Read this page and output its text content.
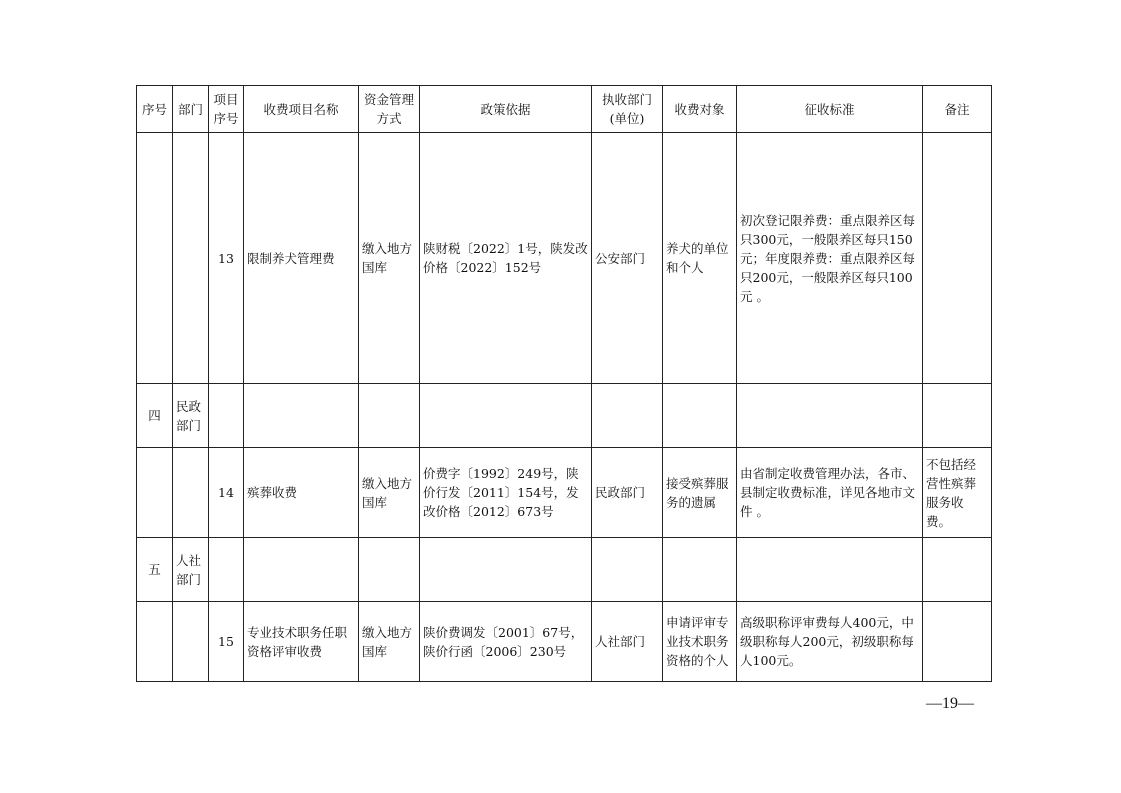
序号	部门	项目序号	收费项目名称	资金管理方式	政策依据	执收部门(单位)	收费对象	征收标准	备注
		13	限制养犬管理费	缴入地方国库	陕财税〔2022〕1号，陕发改价格〔2022〕152号	公安部门	养犬的单位和个人	初次登记限养费：重点限养区每只300元，一般限养区每只150元；年度限养费：重点限养区每只200元，一般限养区每只100元 。	
四	民政部门								
		14	殡葬收费	缴入地方国库	价费字〔1992〕249号，陕价行发〔2011〕154号，发改价格〔2012〕673号	民政部门	接受殡葬服务的遗属	由省制定收费管理办法，各市、县制定收费标准，详见各地市文件 。	不包括经营性殡葬服务收费。
五	人社部门								
		15	专业技术职务任职资格评审收费	缴入地方国库	陕价费调发〔2001〕67号，陕价行函〔2006〕230号	人社部门	申请评审专业技术职务资格的个人	高级职称评审费每人400元，中级职称每人200元，初级职称每人100元。	
—19—
